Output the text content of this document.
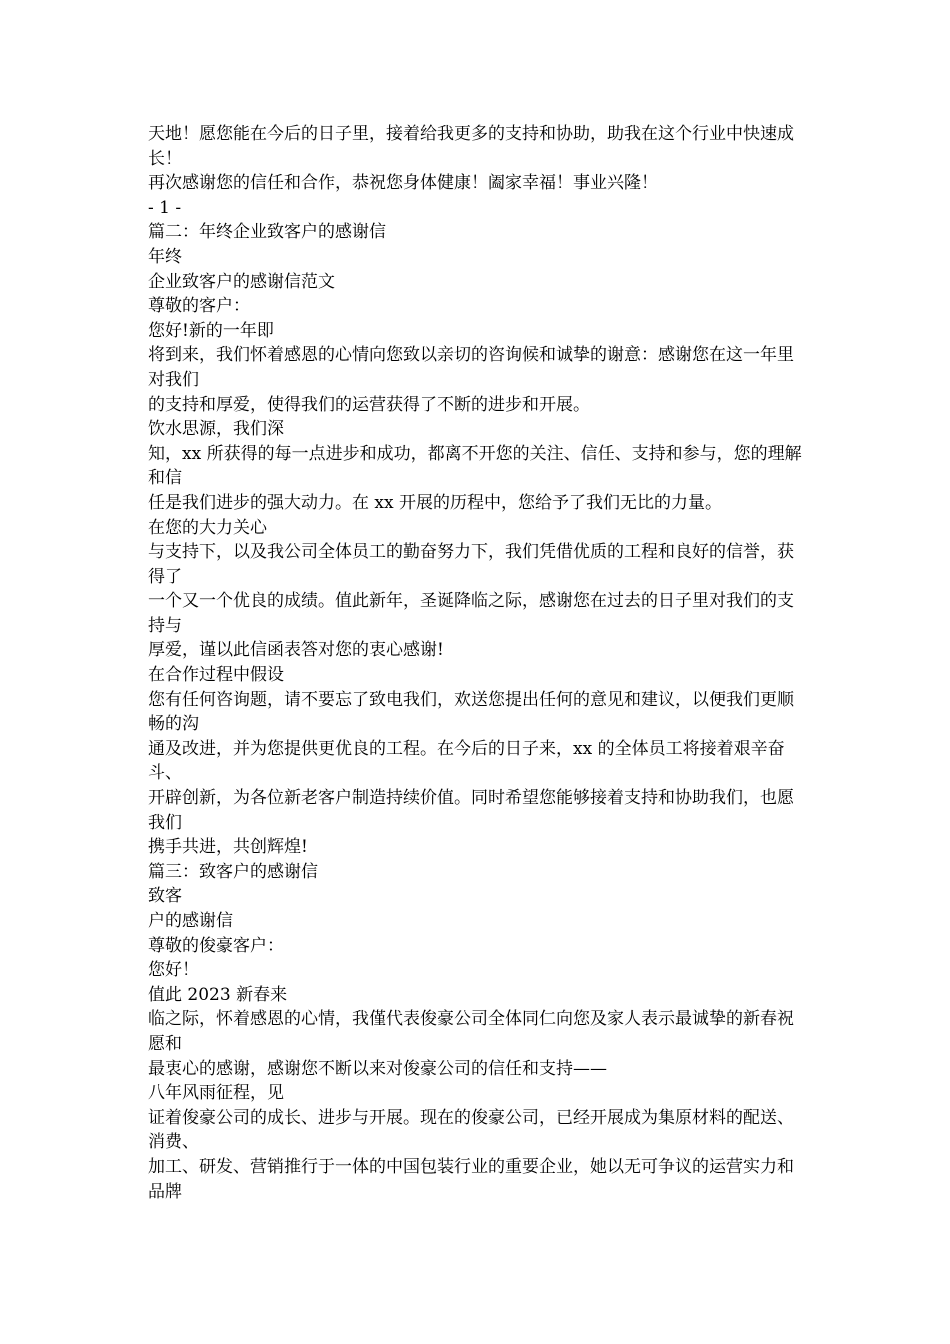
天地！愿您能在今后的日子里，接着给我更多的支持和协助，助我在这个行业中快速成长！

再次感谢您的信任和合作，恭祝您身体健康！阖家幸福！事业兴隆！

- 1 -

篇二：年终企业致客户的感谢信

年终

企业致客户的感谢信范文

尊敬的客户：

您好!新的一年即

将到来，我们怀着感恩的心情向您致以亲切的咨询候和诚挚的谢意：感谢您在这一年里对我们

的支持和厚爱，使得我们的运营获得了不断的进步和开展。

饮水思源，我们深

知，xx 所获得的每一点进步和成功，都离不开您的关注、信任、支持和参与，您的理解和信

任是我们进步的强大动力。在 xx 开展的历程中，您给予了我们无比的力量。

在您的大力关心

与支持下，以及我公司全体员工的勤奋努力下，我们凭借优质的工程和良好的信誉，获得了

一个又一个优良的成绩。值此新年，圣诞降临之际，感谢您在过去的日子里对我们的支持与

厚爱，谨以此信函表答对您的衷心感谢!

在合作过程中假设

您有任何咨询题，请不要忘了致电我们，欢送您提出任何的意见和建议，以便我们更顺畅的沟

通及改进，并为您提供更优良的工程。在今后的日子来，xx 的全体员工将接着艰辛奋斗、

开辟创新，为各位新老客户制造持续价值。同时希望您能够接着支持和协助我们，也愿我们

携手共进，共创辉煌!

篇三：致客户的感谢信

致客

户的感谢信

尊敬的俊豪客户：

您好！

值此 2023 新春来

临之际，怀着感恩的心情，我僅代表俊豪公司全体同仁向您及家人表示最诚挚的新春祝愿和

最衷心的感谢，感谢您不断以来对俊豪公司的信任和支持——

八年风雨征程，见

证着俊豪公司的成长、进步与开展。现在的俊豪公司，已经开展成为集原材料的配送、消费、

加工、研发、营销推行于一体的中国包装行业的重要企业，她以无可争议的运营实力和品牌
